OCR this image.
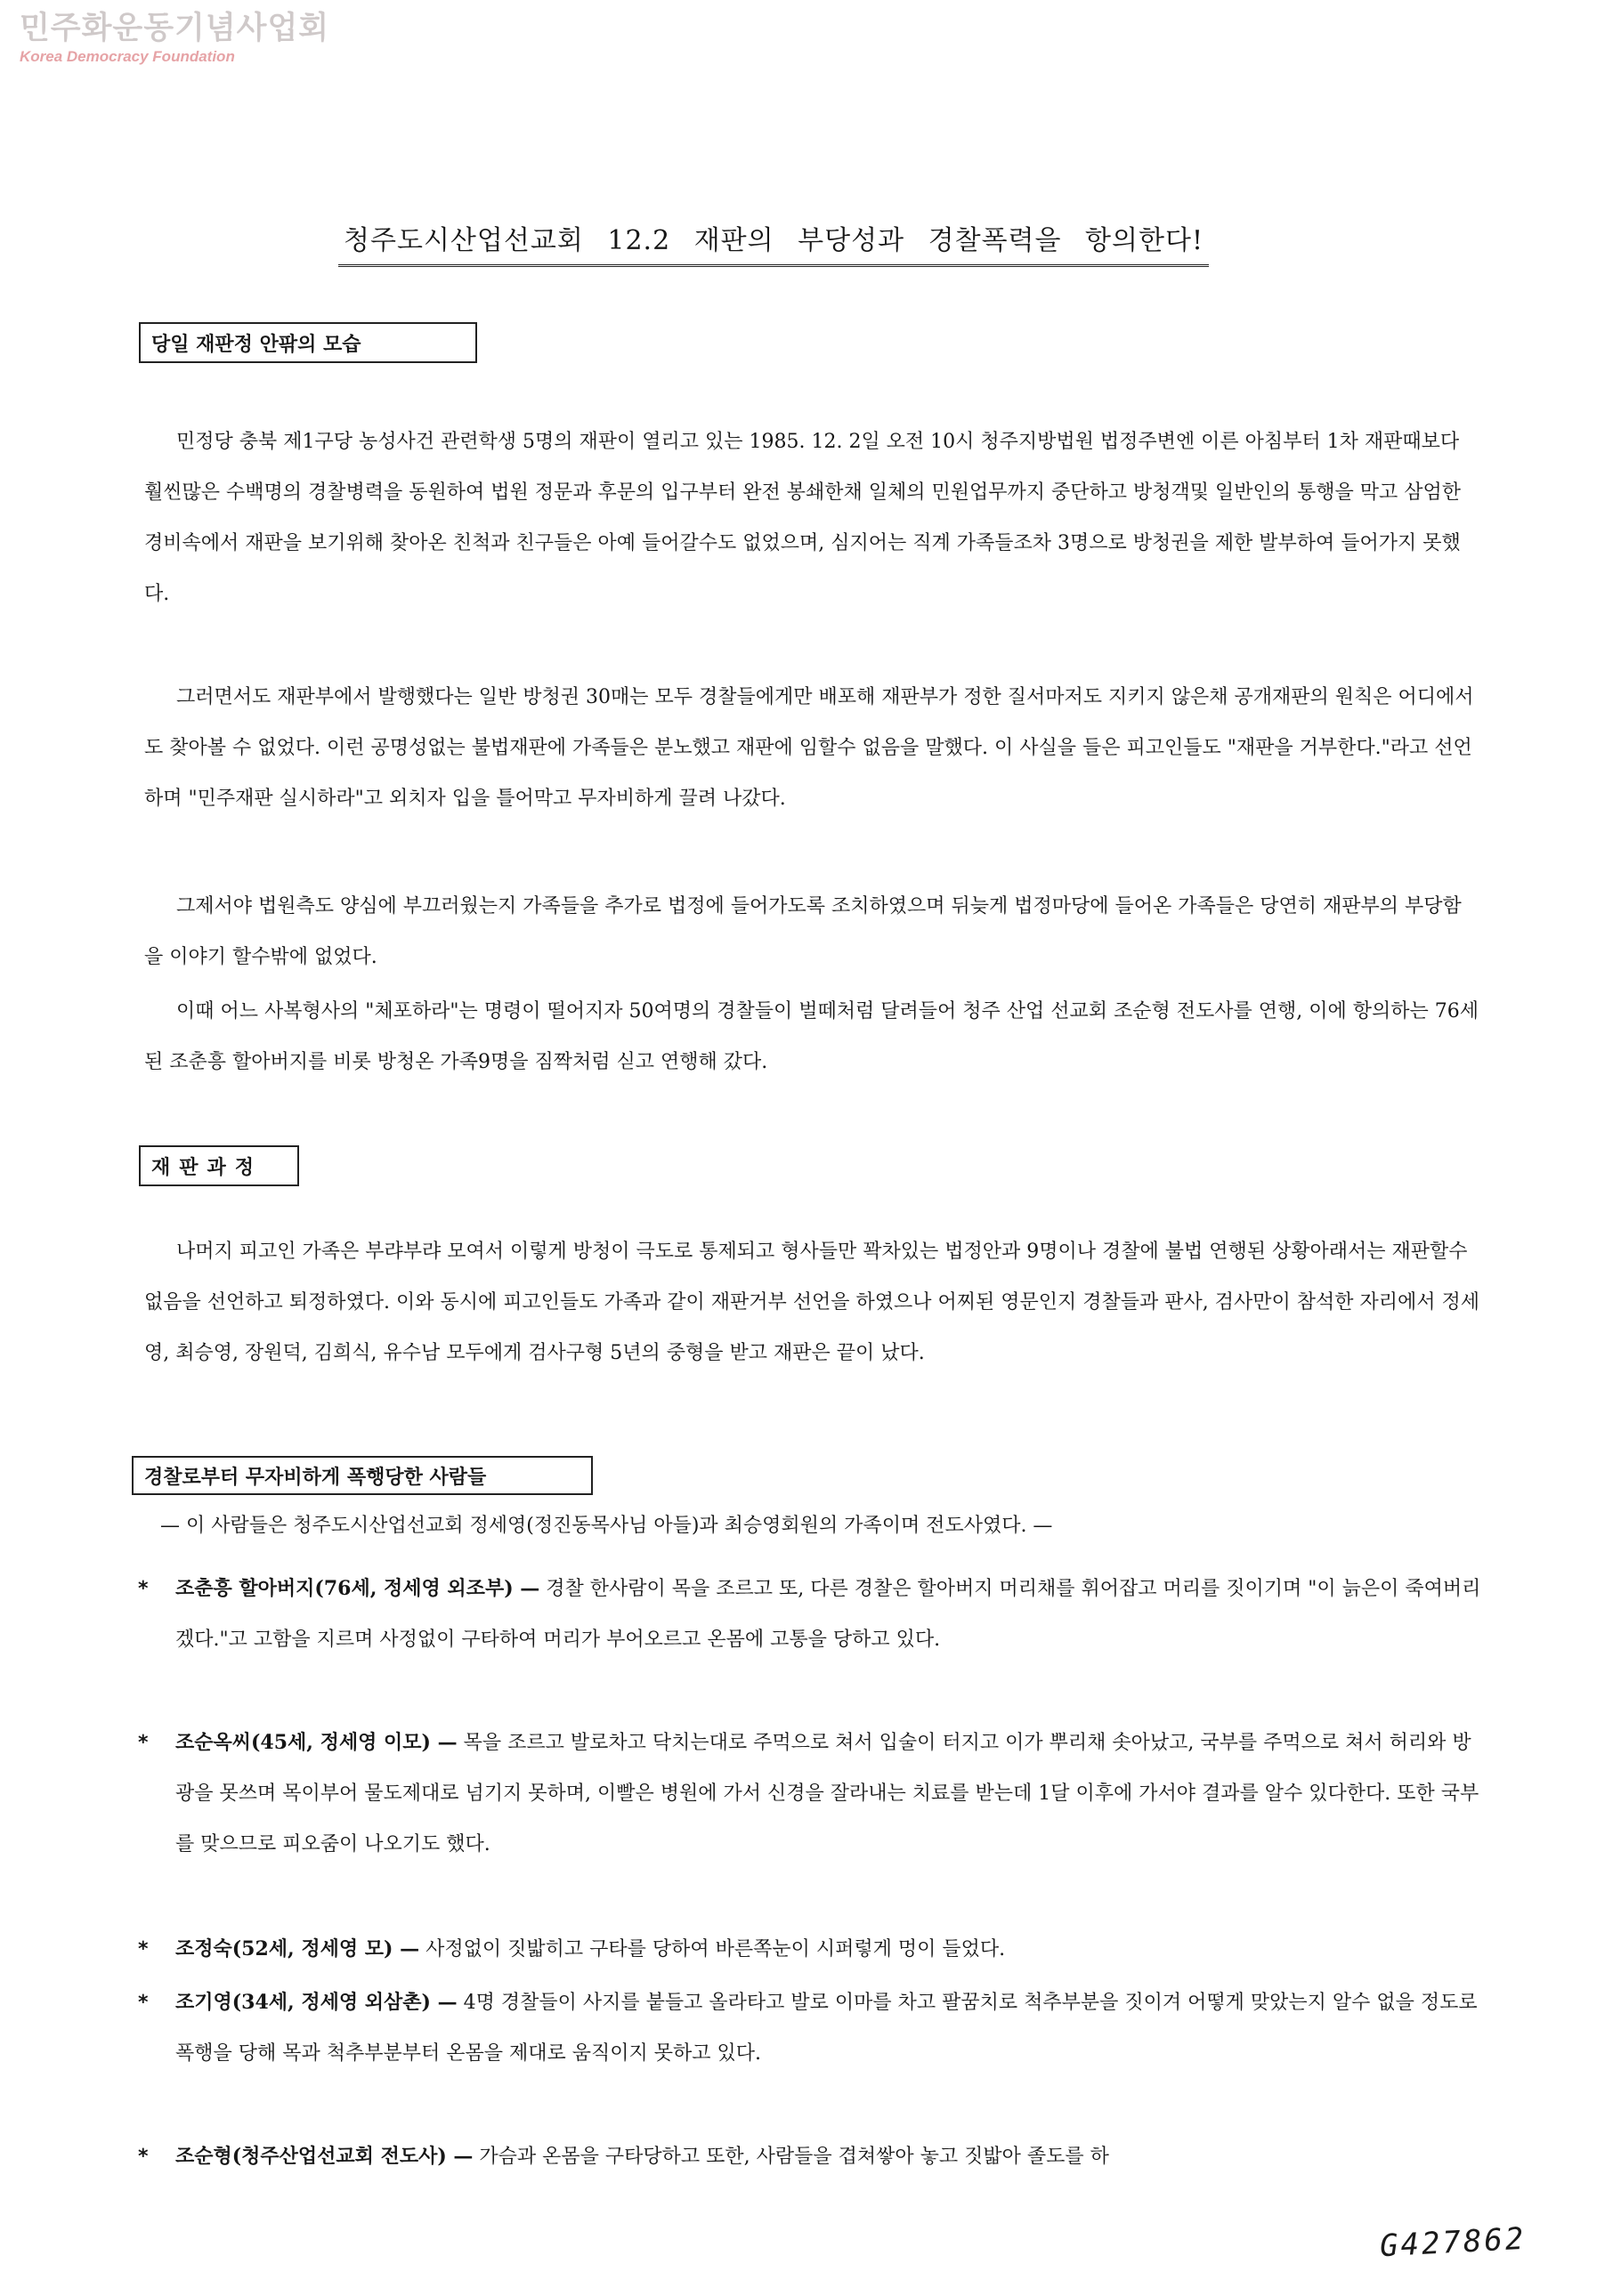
민주화운동기념사업회
Korea Democracy Foundation
청주도시산업선교회 12.2 재판의 부당성과 경찰폭력을 항의한다!
당일 재판정 안팎의 모습

민정당 충북 제1구당 농성사건 관련학생 5명의 재판이 열리고 있는 1985. 12. 2일 오전 10시 청주지방법원 법정주변엔 이른 아침부터 1차 재판때보다 훨씬많은 수백명의 경찰병력을 동원하여 법원 정문과 후문의 입구부터 완전 봉쇄한채 일체의 민원업무까지 중단하고 방청객및 일반인의 통행을 막고 삼엄한 경비속에서 재판을 보기위해 찾아온 친척과 친구들은 아예 들어갈수도 없었으며, 심지어는 직계 가족들조차 3명으로 방청권을 제한 발부하여 들어가지 못했다.

그러면서도 재판부에서 발행했다는 일반 방청권 30매는 모두 경찰들에게만 배포해 재판부가 정한 질서마저도 지키지 않은채 공개재판의 원칙은 어디에서도 찾아볼 수 없었다. 이런 공명성없는 불법재판에 가족들은 분노했고 재판에 임할수 없음을 말했다. 이 사실을 들은 피고인들도 "재판을 거부한다."라고 선언하며 "민주재판 실시하라"고 외치자 입을 틀어막고 무자비하게 끌려 나갔다.

그제서야 법원측도 양심에 부끄러웠는지 가족들을 추가로 법정에 들어가도록 조치하였으며 뒤늦게 법정마당에 들어온 가족들은 당연히 재판부의 부당함을 이야기 할수밖에 없었다.

이때 어느 사복형사의 "체포하라"는 명령이 떨어지자 50여명의 경찰들이 벌떼처럼 달려들어 청주 산업 선교회 조순형 전도사를 연행, 이에 항의하는 76세된 조춘흥 할아버지를 비롯 방청온 가족9명을 짐짝처럼 싣고 연행해 갔다.

재판과정

나머지 피고인 가족은 부랴부랴 모여서 이렇게 방청이 극도로 통제되고 형사들만 꽉차있는 법정안과 9명이나 경찰에 불법 연행된 상황아래서는 재판할수 없음을 선언하고 퇴정하였다. 이와 동시에 피고인들도 가족과 같이 재판거부 선언을 하였으나 어찌된 영문인지 경찰들과 판사, 검사만이 참석한 자리에서 정세영, 최승영, 장원덕, 김희식, 유수남 모두에게 검사구형 5년의 중형을 받고 재판은 끝이 났다.

경찰로부터 무자비하게 폭행당한 사람들

— 이 사람들은 청주도시산업선교회 정세영(정진동목사님 아들)과 최승영회원의 가족이며 전도사였다. —

* 조춘흥 할아버지(76세, 정세영 외조부) — 경찰 한사람이 목을 조르고 또, 다른 경찰은 할아버지 머리채를 휘어잡고 머리를 짓이기며 "이 늙은이 죽여버리겠다."고 고함을 지르며 사정없이 구타하여 머리가 부어오르고 온몸에 고통을 당하고 있다.

* 조순옥씨(45세, 정세영 이모) — 목을 조르고 발로차고 닥치는대로 주먹으로 쳐서 입술이 터지고 이가 뿌리채 솟아났고, 국부를 주먹으로 쳐서 허리와 방광을 못쓰며 목이부어 물도제대로 넘기지 못하며, 이빨은 병원에 가서 신경을 잘라내는 치료를 받는데 1달 이후에 가서야 결과를 알수 있다한다. 또한 국부를 맞으므로 피오줌이 나오기도 했다.

* 조정숙(52세, 정세영 모) — 사정없이 짓밟히고 구타를 당하여 바른쪽눈이 시퍼렇게 멍이 들었다.

* 조기영(34세, 정세영 외삼촌) — 4명 경찰들이 사지를 붙들고 올라타고 발로 이마를 차고 팔꿈치로 척추부분을 짓이겨 어떻게 맞았는지 알수 없을 정도로 폭행을 당해 목과 척추부분부터 온몸을 제대로 움직이지 못하고 있다.

* 조순형(청주산업선교회 전도사) — 가슴과 온몸을 구타당하고 또한, 사람들을 겹쳐쌓아 놓고 짓밟아 졸도를 하

G427862
